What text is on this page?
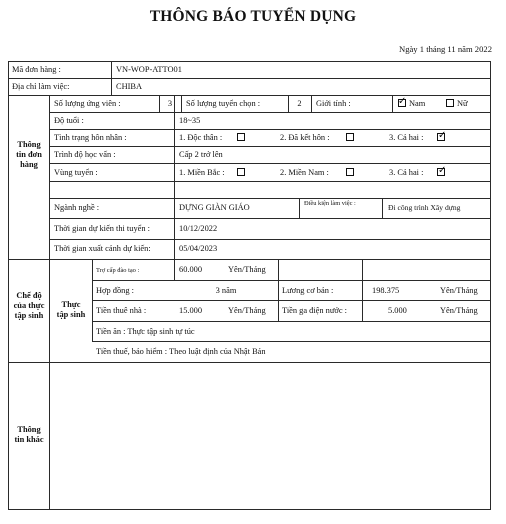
THÔNG BÁO TUYỂN DỤNG
Ngày 1 tháng 11 năm 2022
Mã đơn hàng :	VN-WOP-ATTO01
Địa chỉ làm việc:	CHIBA
Thông
tin đơn
hàng
Số lượng ứng viên :	3	Số lượng tuyển chọn :	2	Giới tính :	✓ Nam	Nữ
Độ tuổi :	18~35
Tình trạng hôn nhân :	1. Độc thân :	2. Đã kết hôn :	3. Cả hai : ✓
Trình độ học vấn :	Cấp 2 trở lên
Vùng tuyển :	1. Miền Bắc :	2. Miền Nam :	3. Cả hai : ✓
Ngành nghề :	DỰNG GIÀN GIÁO	Điều kiện làm việc :	Đi công trình Xây dựng
Thời gian dự kiến thi tuyển :	10/12/2022
Thời gian xuất cảnh dự kiến:	05/04/2023
Chế độ
của thực
tập sinh
Thực
tập sinh
Trợ cấp đào tạo :	60.000	Yên/Tháng
Hợp đồng :	3 năm	Lương cơ bản :	198.375	Yên/Tháng
Tiền thuê nhà :	15.000	Yên/Tháng Tiền ga điện nước :	5.000	Yên/Tháng
Tiền ăn : Thực tập sinh tự túc
Tiền thuế, bảo hiểm : Theo luật định của Nhật Bản
Thông
tin khác
